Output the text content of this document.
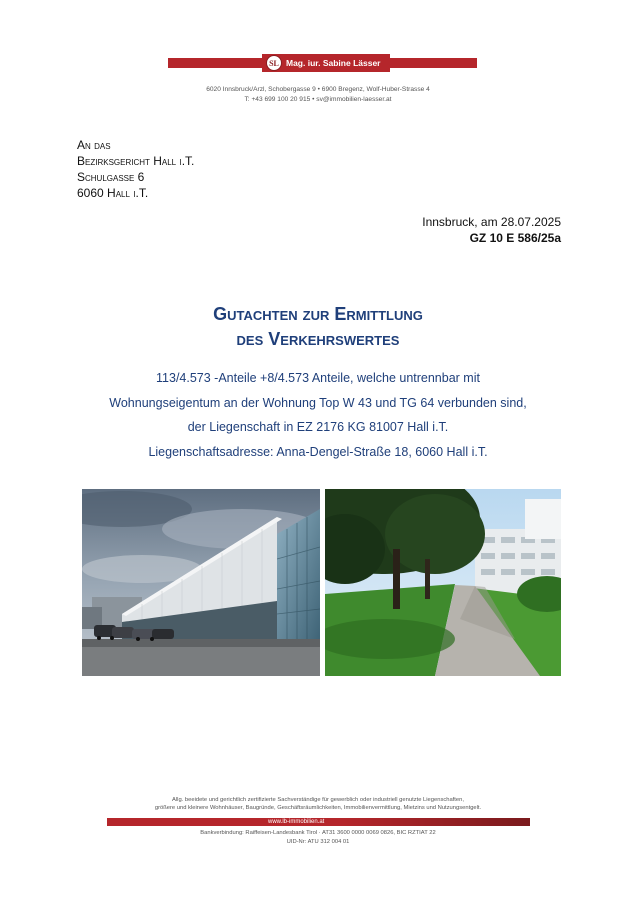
SL Mag. iur. Sabine Lässer
6020 Innsbruck/Arzl, Schobergasse 9 • 6900 Bregenz, Wolf-Huber-Strasse 4
T: +43 699 100 20 915 • sv@immobilien-laesser.at
An das
Bezirksgericht Hall i.T.
Schulgasse 6
6060 Hall i.T.
Innsbruck, am 28.07.2025
GZ 10 E 586/25a
Gutachten zur Ermittlung
des Verkehrswertes
113/4.573 -Anteile +8/4.573 Anteile, welche untrennbar mit
Wohnungseigentum an der Wohnung Top W 43 und TG 64 verbunden sind,
der Liegenschaft in EZ 2176 KG 81007 Hall i.T.
Liegenschaftsadresse: Anna-Dengel-Straße 18, 6060 Hall i.T.
Allg. beeidete und gerichtlich zertifizierte Sachverständige für gewerblich oder industriell genutzte Liegenschaften,
größere und kleinere Wohnhäuser, Baugründe, Geschäftsräumlichkeiten, Immobilienvermittlung, Mietzins und Nutzungsentgelt.
www.lb-immobilien.at
Bankverbindung: Raiffeisen-Landesbank Tirol · AT31 3600 0000 0069 0826, BIC RZTIAT 22
UID-Nr: ATU 312 004 01
